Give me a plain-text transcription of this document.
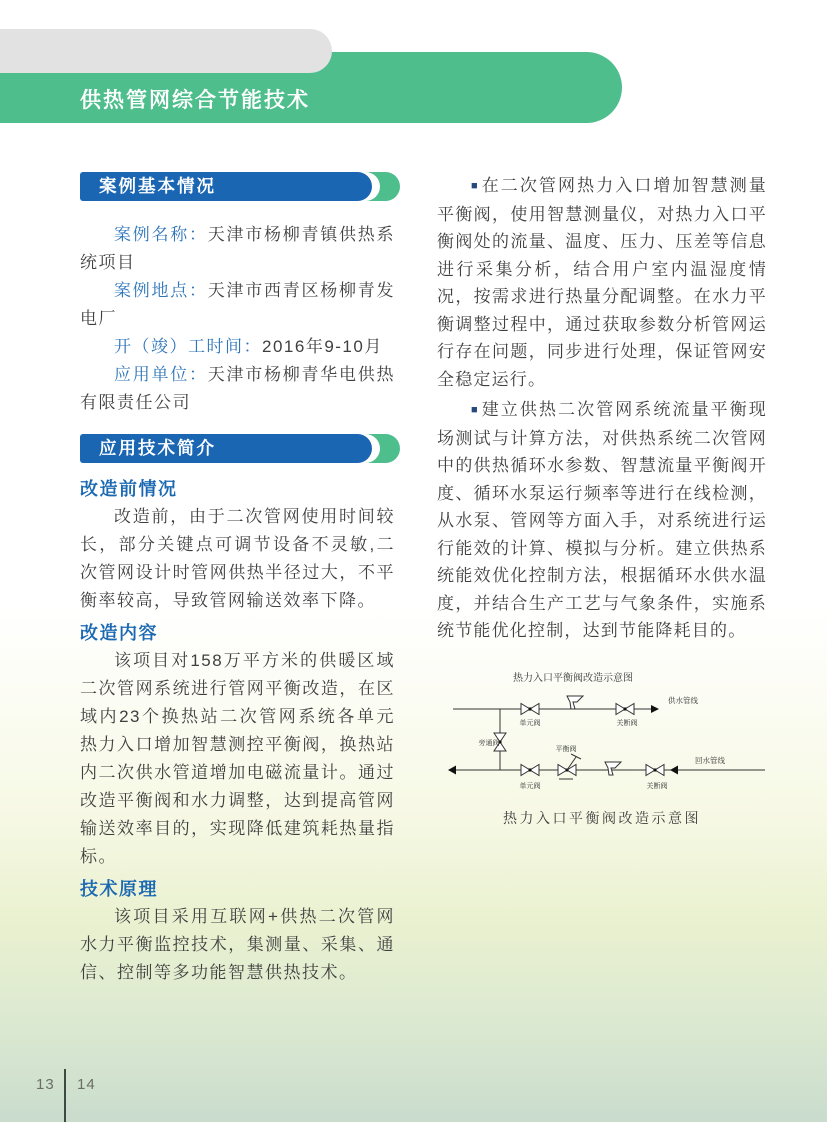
供热管网综合节能技术
案例基本情况

案例名称：天津市杨柳青镇供热系统项目

案例地点：天津市西青区杨柳青发电厂

开（竣）工时间：2016年9-10月

应用单位：天津市杨柳青华电供热有限责任公司

应用技术简介
改造前情况

改造前，由于二次管网使用时间较长，部分关键点可调节设备不灵敏,二次管网设计时管网供热半径过大，不平衡率较高，导致管网输送效率下降。

改造内容

该项目对158万平方米的供暖区域二次管网系统进行管网平衡改造，在区域内23个换热站二次管网系统各单元热力入口增加智慧测控平衡阀，换热站内二次供水管道增加电磁流量计。通过改造平衡阀和水力调整，达到提高管网输送效率目的，实现降低建筑耗热量指标。

技术原理

该项目采用互联网+供热二次管网水力平衡监控技术，集测量、采集、通信、控制等多功能智慧供热技术。

■ 在二次管网热力入口增加智慧测量平衡阀，使用智慧测量仪，对热力入口平衡阀处的流量、温度、压力、压差等信息进行采集分析，结合用户室内温湿度情况，按需求进行热量分配调整。在水力平衡调整过程中，通过获取参数分析管网运行存在问题，同步进行处理，保证管网安全稳定运行。

■ 建立供热二次管网系统流量平衡现场测试与计算方法，对供热系统二次管网中的供热循环水参数、智慧流量平衡阀开度、循环水泵运行频率等进行在线检测，从水泵、管网等方面入手，对系统进行运行能效的计算、模拟与分析。建立供热系统能效优化控制方法，根据循环水供水温度，并结合生产工艺与气象条件，实施系统节能优化控制，达到节能降耗目的。

热力入口平衡阀改造示意图
供水管线
单元阀	关断阀
旁通阀
回水管线
单元阀
平衡阀
关断阀
热力入口平衡阀改造示意图
13 14
